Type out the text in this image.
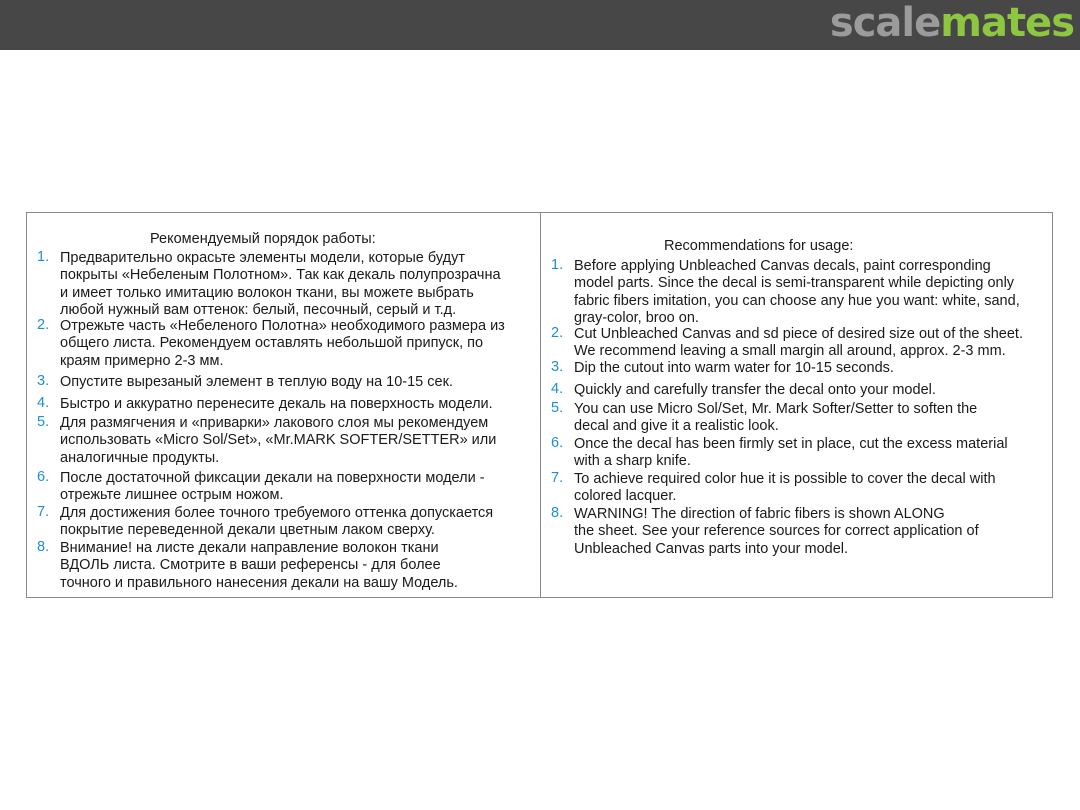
scalemates
Рекомендуемый порядок работы:
1. Предварительно окрасьте элементы модели, которые будут
покрыты «Небеленым Полотном». Так как декаль полупрозрачна
и имеет только имитацию волокон ткани, вы можете выбрать
любой нужный вам оттенок: белый, песочный, серый и т.д.
2. Отрежьте часть «Небеленого Полотна» необходимого размера из
общего листа. Рекомендуем оставлять небольшой припуск, по
краям примерно 2-3 мм.
3. Опустите вырезаный элемент в теплую воду на 10-15 сек.
4. Быстро и аккуратно перенесите декаль на поверхность модели.
5. Для размягчения и «приварки» лакового слоя мы рекомендуем
использовать «Micro Sol/Set», «Mr.MARK SOFTER/SETTER» или
аналогичные продукты.
6. После достаточной фиксации декали на поверхности модели -
отрежьте лишнее острым ножом.
7. Для достижения более точного требуемого оттенка допускается
покрытие переведенной декали цветным лаком сверху.
8. Внимание! на листе декали направление волокон ткани
ВДОЛЬ листа. Смотрите в ваши референсы - для более
точного и правильного нанесения декали на вашу Модель.
Recommendations for usage:
1. Before applying Unbleached Canvas decals, paint corresponding
model parts. Since the decal is semi-transparent while depicting only
fabric fibers imitation, you can choose any hue you want: white, sand,
gray-color, broo on.
2. Cut Unbleached Canvas and sd piece of desired size out of the sheet.
We recommend leaving a small margin all around, approx. 2-3 mm.
3. Dip the cutout into warm water for 10-15 seconds.
4. Quickly and carefully transfer the decal onto your model.
5. You can use Micro Sol/Set, Mr. Mark Softer/Setter to soften the
decal and give it a realistic look.
6. Once the decal has been firmly set in place, cut the excess material
with a sharp knife.
7. To achieve required color hue it is possible to cover the decal with
colored lacquer.
8. WARNING! The direction of fabric fibers is shown ALONG
the sheet. See your reference sources for correct application of
Unbleached Canvas parts into your model.
